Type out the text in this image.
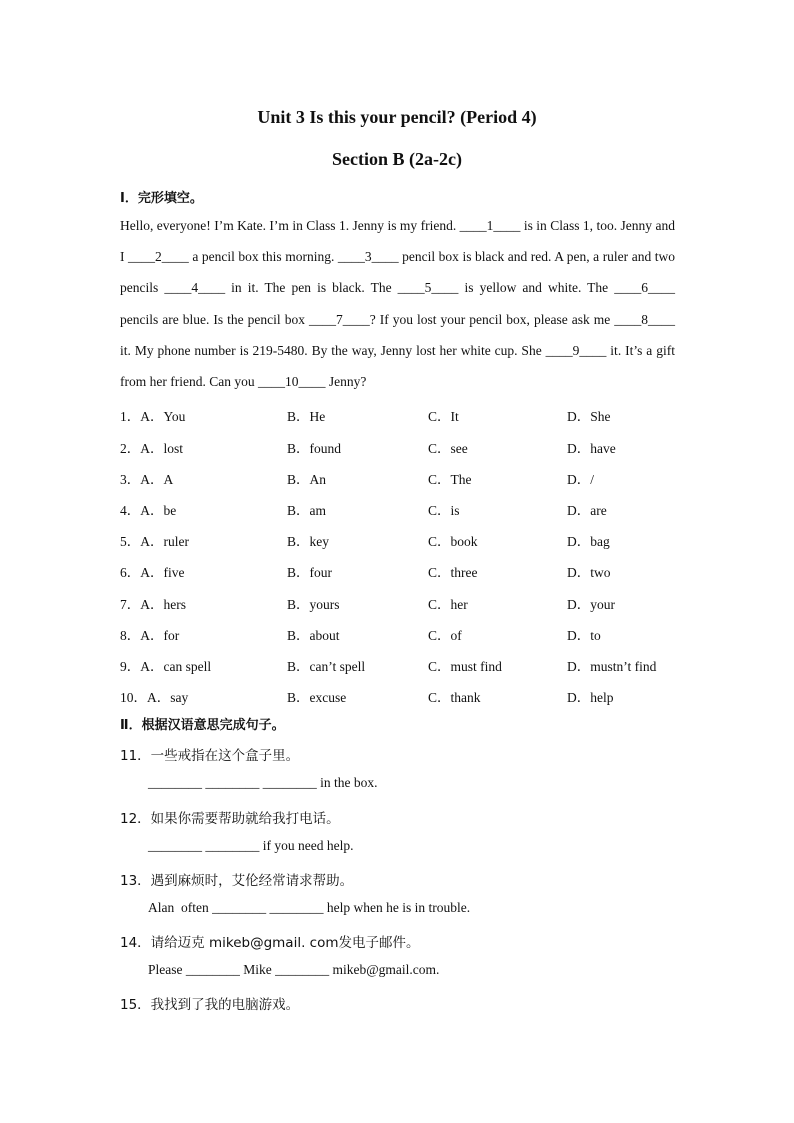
Unit 3 Is this your pencil? (Period 4)
Section B (2a-2c)
Ⅰ．完形填空。
Hello, everyone! I’m Kate. I’m in Class 1. Jenny is my friend. ____1____ is in Class 1, too. Jenny and I ____2____ a pencil box this morning. ____3____ pencil box is black and red. A pen, a ruler and two pencils ____4____ in it. The pen is black. The ____5____ is yellow and white. The ____6____ pencils are blue. Is the pencil box ____7____? If you lost your pencil box, please ask me ____8____ it. My phone number is 219-5480. By the way, Jenny lost her white cup. She ____9____ it. It’s a gift from her friend. Can you ____10____ Jenny?
1．A．You	B．He	C．It	D．She
2．A．lost	B．found	C．see	D．have
3．A．A	B．An	C．The	D．/
4．A．be	B．am	C．is	D．are
5．A．ruler	B．key	C．book	D．bag
6．A．five	B．four	C．three	D．two
7．A．hers	B．yours	C．her	D．your
8．A．for	B．about	C．of	D．to
9．A．can spell	B．can’t spell	C．must find	D．mustn’t find
10．A．say	B．excuse	C．thank	D．help
Ⅱ．根据汉语意思完成句子。
11．一些戒指在这个盒子里。
________ ________ ________ in the box.
12．如果你需要帮助就给我打电话。
________ ________ if you need help.
13．遇到麻烦时，艾伦经常请求帮助。
Alan  often ________ ________ help when he is in trouble.
14．请给迈克 mikeb@gmail. com发电子邮件。
Please ________ Mike ________ mikeb@gmail.com.
15．我找到了我的电脑游戏。
